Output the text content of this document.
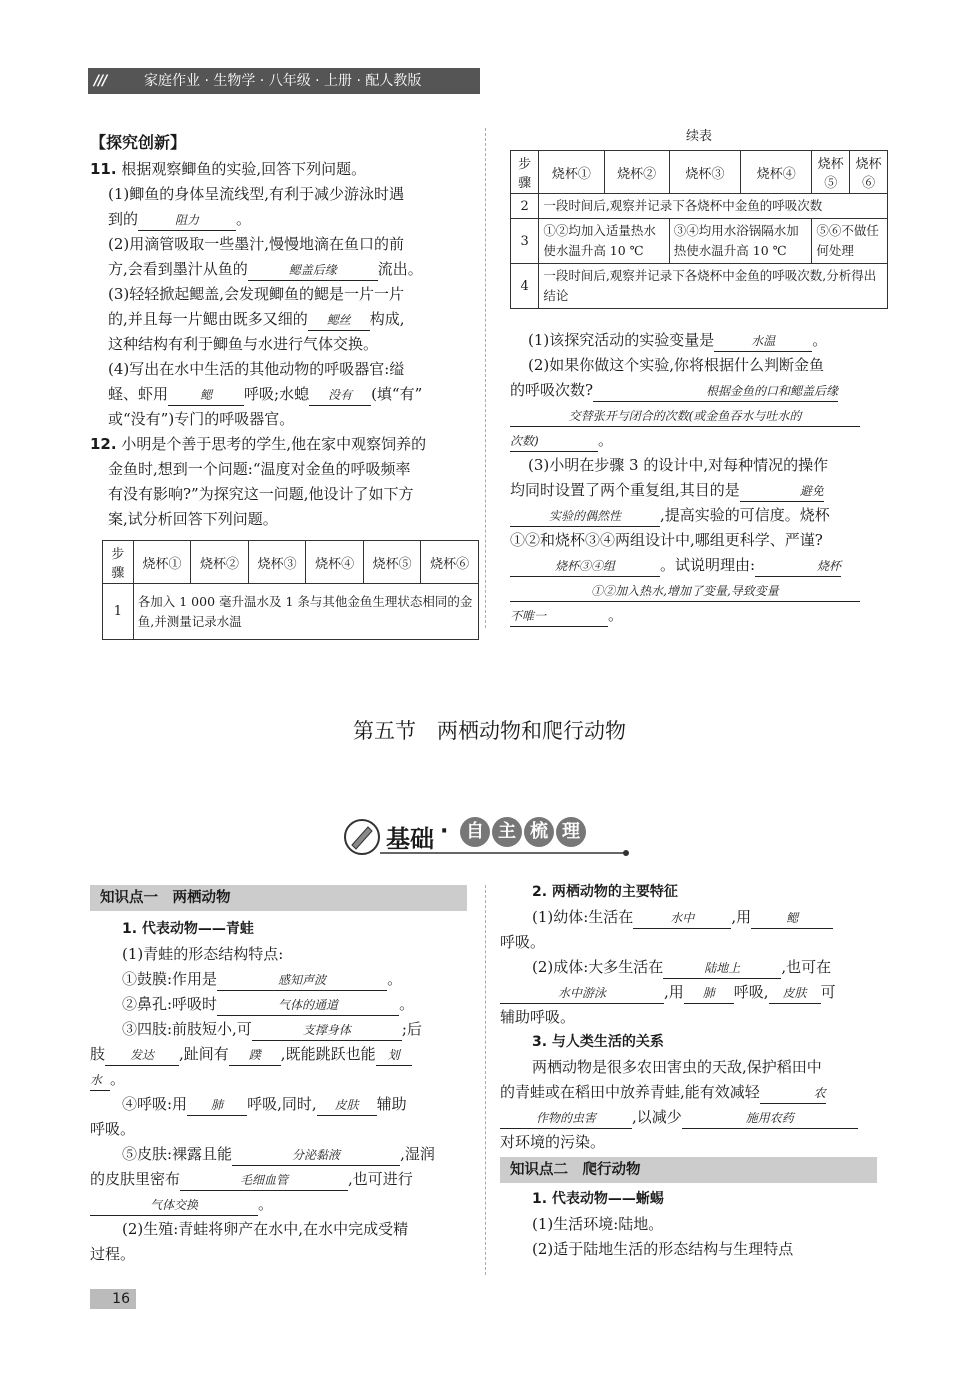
///	家庭作业 · 生物学 · 八年级 · 上册 · 配人教版

【探究创新】

11. 根据观察鲫鱼的实验,回答下列问题。

(1)鲫鱼的身体呈流线型,有利于减少游泳时遇

到的	阻力 。

(2)用滴管吸取一些墨汁,慢慢地滴在鱼口的前

方,会看到墨汁从鱼的	鳃盖后缘	流出。

(3)轻轻掀起鳃盖,会发现鲫鱼的鳃是一片一片

的,并且每一片鳃由既多又细的 鳃丝 构成,

这种结构有利于鲫鱼与水进行气体交换。

(4)写出在水中生活的其他动物的呼吸器官:缢

蛏、虾用	鳃 呼吸;水螅 没有 (填“有”

或“没有”)专门的呼吸器官。

12. 小明是个善于思考的学生,他在家中观察饲养的

金鱼时,想到一个问题:“温度对金鱼的呼吸频率

有没有影响?”为探究这一问题,他设计了如下方

案,试分析回答下列问题。

步骤	烧杯①	烧杯②	烧杯③	烧杯④	烧杯⑤	烧杯⑥
1	各加入 1 000 毫升温水及 1 条与其他金鱼生理状态相同的金鱼,并测量记录水温					
续表
步骤	烧杯①	烧杯②	烧杯③	烧杯④	烧杯⑤	烧杯⑥
2	一段时间后,观察并记录下各烧杯中金鱼的呼吸次数					
3	①②均加入适量热水使水温升高 10 ℃		③④均用水浴锅隔水加热使水温升高 10 ℃		⑤⑥不做任何处理	
4	一段时间后,观察并记录下各烧杯中金鱼的呼吸次数,分析得出结论					

(1)该探究活动的实验变量是	水温 。

(2)如果你做这个实验,你将根据什么判断金鱼

的呼吸次数?	根据金鱼的口和鳃盖后缘

交替张开与闭合的次数(或金鱼吞水与吐水的

次数)	。

(3)小明在步骤 3 的设计中,对每种情况的操作

均同时设置了两个重复组,其目的是	避免

实验的偶然性	,提高实验的可信度。烧杯

①②和烧杯③④两组设计中,哪组更科学、严谨?

烧杯③④组	。试说明理由:	烧杯

①②加入热水,增加了变量,导致变量

不唯一	。

第五节　两栖动物和爬行动物
基础 · 自 主 梳 理
知识点一　两栖动物

1. 代表动物——青蛙

(1)青蛙的形态结构特点:

①鼓膜:作用是	感知声波	。

②鼻孔:呼吸时	气体的通道	。

③四肢:前肢短小,可	支撑身体	;后

肢 发达 ,趾间有 蹼 ,既能跳跃也能 划

水 。

④呼吸:用 肺 呼吸,同时, 皮肤 辅助

呼吸。

⑤皮肤:裸露且能	分泌黏液	,湿润

的皮肤里密布	毛细血管	,也可进行

气体交换	。

(2)生殖:青蛙将卵产在水中,在水中完成受精

过程。

2. 两栖动物的主要特征

(1)幼体:生活在	水中 ,用	鳃

呼吸。

(2)成体:大多生活在	陆地上	,也可在

水中游泳	,用 肺 呼吸, 皮肤 可

辅助呼吸。

3. 与人类生活的关系

两栖动物是很多农田害虫的天敌,保护稻田中

的青蛙或在稻田中放养青蛙,能有效减轻	农

作物的虫害 ,以减少	施用农药

对环境的污染。

知识点二　爬行动物

1. 代表动物——蜥蜴

(1)生活环境:陆地。

(2)适于陆地生活的形态结构与生理特点

16
